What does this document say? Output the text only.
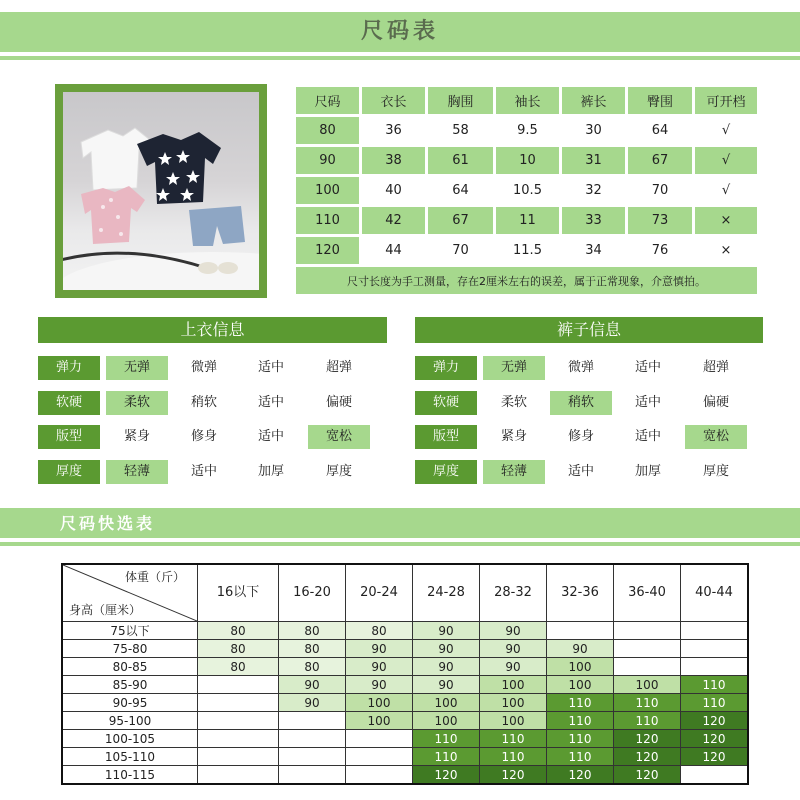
尺码表
尺码	衣长	胸围	袖长	裤长	臀围	可开档
80	36	58	9.5	30	64	√
90	38	61	10	31	67	√
100	40	64	10.5	32	70	√
110	42	67	11	33	73	×
120	44	70	11.5	34	76	×
尺寸长度为手工测量，存在2厘米左右的误差，属于正常现象，介意慎拍。						
上衣信息
弹力	无弹	微弹	适中	超弹
软硬	柔软	稍软	适中	偏硬
版型	紧身	修身	适中	宽松
厚度	轻薄	适中	加厚	厚度
裤子信息
弹力	无弹	微弹	适中	超弹
软硬	柔软	稍软	适中	偏硬
版型	紧身	修身	适中	宽松
厚度	轻薄	适中	加厚	厚度
尺码快选表
体重（斤）
身高（厘米）	16以下	16-20	20-24	24-28	28-32	32-36	36-40	40-44
75以下	80	80	80	90	90			
75-80	80	80	90	90	90	90		
80-85	80	80	90	90	90	100		
85-90		90	90	90	100	100	100	110
90-95		90	100	100	100	110	110	110
95-100			100	100	100	110	110	120
100-105				110	110	110	120	120
105-110				110	110	110	120	120
110-115				120	120	120	120	
